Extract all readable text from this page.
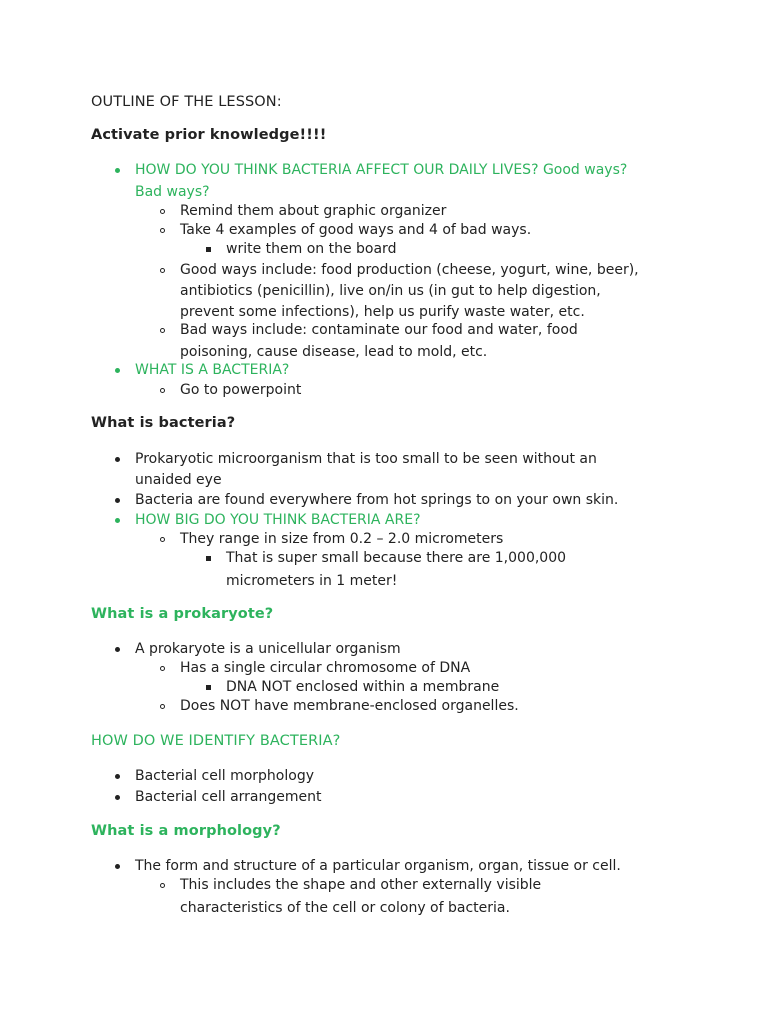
OUTLINE OF THE LESSON:

Activate prior knowledge!!!!

HOW DO YOU THINK BACTERIA AFFECT OUR DAILY LIVES? Good ways?

Bad ways?

Remind them about graphic organizer

Take 4 examples of good ways and 4 of bad ways.

write them on the board

Good ways include: food production (cheese, yogurt, wine, beer),

antibiotics (penicillin), live on/in us (in gut to help digestion,

prevent some infections), help us purify waste water, etc.

Bad ways include: contaminate our food and water, food

poisoning, cause disease, lead to mold, etc.

WHAT IS A BACTERIA?

Go to powerpoint

What is bacteria?

Prokaryotic microorganism that is too small to be seen without an

unaided eye

Bacteria are found everywhere from hot springs to on your own skin.

HOW BIG DO YOU THINK BACTERIA ARE?

They range in size from 0.2 – 2.0 micrometers

That is super small because there are 1,000,000

micrometers in 1 meter!

What is a prokaryote?

A prokaryote is a unicellular organism

Has a single circular chromosome of DNA

DNA NOT enclosed within a membrane

Does NOT have membrane-enclosed organelles.

HOW DO WE IDENTIFY BACTERIA?

Bacterial cell morphology

Bacterial cell arrangement

What is a morphology?

The form and structure of a particular organism, organ, tissue or cell.

This includes the shape and other externally visible

characteristics of the cell or colony of bacteria.
